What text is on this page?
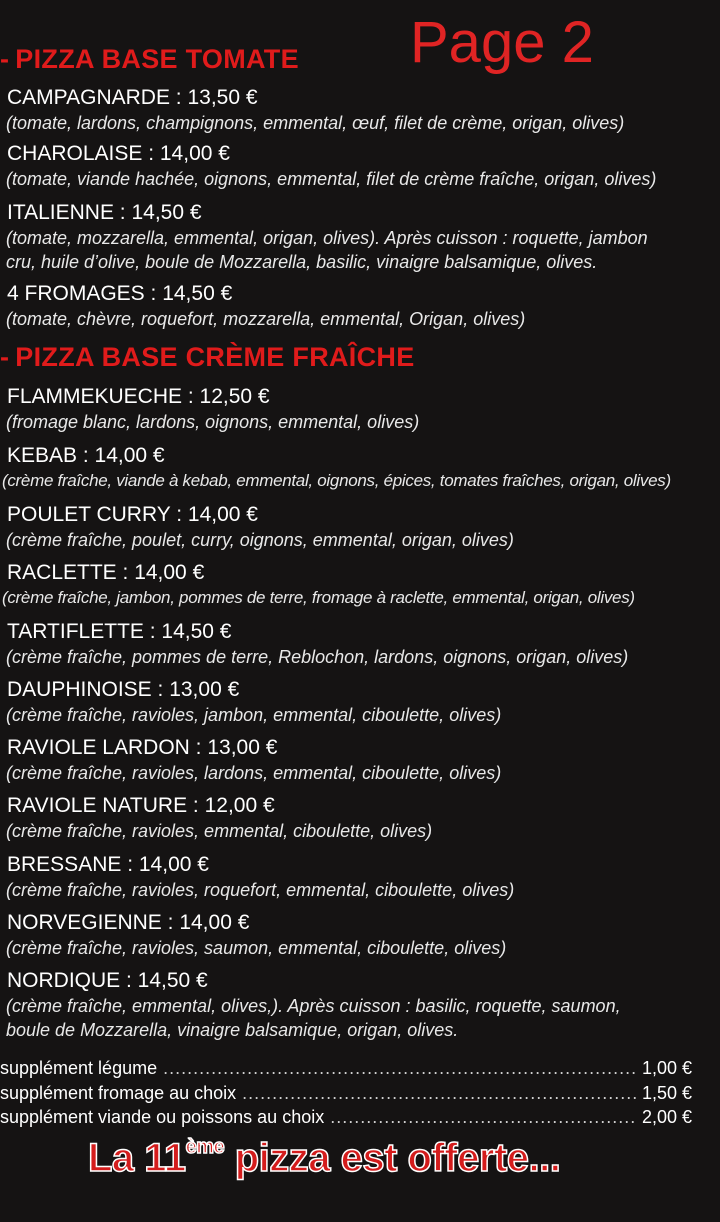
Page 2
- PIZZA BASE TOMATE
CAMPAGNARDE : 13,50 €
(tomate, lardons, champignons, emmental, œuf, filet de crème, origan, olives)
CHAROLAISE : 14,00 €
(tomate, viande hachée, oignons, emmental, filet de crème fraîche, origan, olives)
ITALIENNE : 14,50 €
(tomate, mozzarella, emmental, origan, olives). Après cuisson : roquette, jambon
cru, huile d’olive, boule de Mozzarella, basilic, vinaigre balsamique, olives.
4 FROMAGES : 14,50 €
(tomate, chèvre, roquefort, mozzarella, emmental, Origan, olives)
- PIZZA BASE CRÈME FRAÎCHE
FLAMMEKUECHE : 12,50 €
(fromage blanc, lardons, oignons, emmental, olives)
KEBAB : 14,00 €
(crème fraîche, viande à kebab, emmental, oignons, épices, tomates fraîches, origan, olives)
POULET CURRY : 14,00 €
(crème fraîche, poulet, curry, oignons, emmental, origan, olives)
RACLETTE : 14,00 €
(crème fraîche, jambon, pommes de terre, fromage à raclette, emmental, origan, olives)
TARTIFLETTE : 14,50 €
(crème fraîche, pommes de terre, Reblochon, lardons, oignons, origan, olives)
DAUPHINOISE : 13,00 €
(crème fraîche, ravioles, jambon, emmental, ciboulette, olives)
RAVIOLE LARDON : 13,00 €
(crème fraîche, ravioles, lardons, emmental, ciboulette, olives)
RAVIOLE NATURE : 12,00 €
(crème fraîche, ravioles, emmental, ciboulette, olives)
BRESSANE : 14,00 €
(crème fraîche, ravioles, roquefort, emmental, ciboulette, olives)
NORVEGIENNE : 14,00 €
(crème fraîche, ravioles, saumon, emmental, ciboulette, olives)
NORDIQUE : 14,50 €
(crème fraîche, emmental, olives,). Après cuisson : basilic, roquette, saumon,
boule de Mozzarella, vinaigre balsamique, origan, olives.
supplément légume .....	1,00 €
supplément fromage au choix .....	1,50 €
supplément viande ou poissons au choix .....	2,00 €
La 11ème pizza est offerte...
